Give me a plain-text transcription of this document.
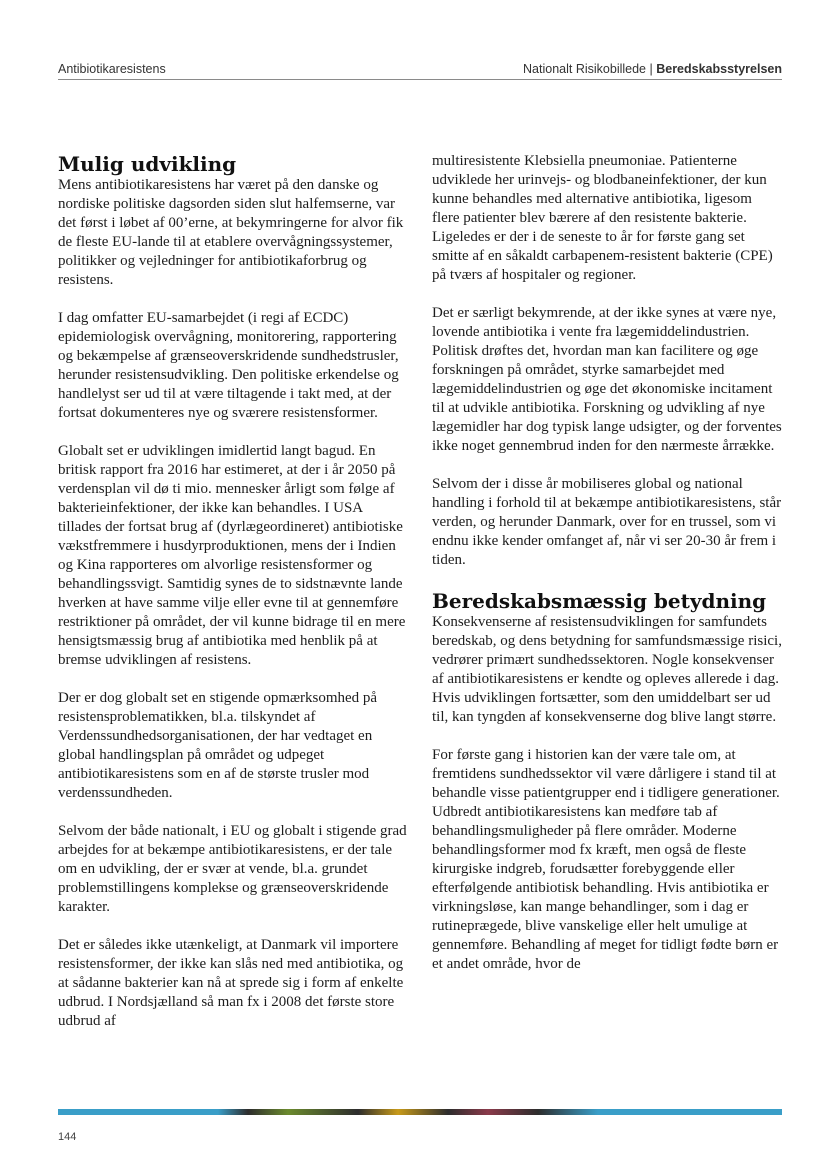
Antibiotikaresistens	Nationalt Risikobillede | Beredskabsstyrelsen
Mulig udvikling

Mens antibiotikaresistens har været på den danske og nordiske politiske dagsorden siden slut halfemserne, var det først i løbet af 00’erne, at bekymringerne for alvor fik de fleste EU-lande til at etablere overvågningssystemer, politikker og vejledninger for antibiotikaforbrug og resistens.

I dag omfatter EU-samarbejdet (i regi af ECDC) epidemiologisk overvågning, monitorering, rapportering og bekæmpelse af grænseoverskridende sundhedstrusler, herunder resistensudvikling. Den politiske erkendelse og handlelyst ser ud til at være tiltagende i takt med, at der fortsat dokumenteres nye og sværere resistensformer.

Globalt set er udviklingen imidlertid langt bagud. En britisk rapport fra 2016 har estimeret, at der i år 2050 på verdensplan vil dø ti mio. mennesker årligt som følge af bakterieinfektioner, der ikke kan behandles. I USA tillades der fortsat brug af (dyrlægeordineret) antibiotiske vækstfremmere i husdyrproduktionen, mens der i Indien og Kina rapporteres om alvorlige resistensformer og behandlingssvigt. Samtidig synes de to sidstnævnte lande hverken at have samme vilje eller evne til at gennemføre restriktioner på området, der vil kunne bidrage til en mere hensigtsmæssig brug af antibiotika med henblik på at bremse udviklingen af resistens.

Der er dog globalt set en stigende opmærksomhed på resistensproblematikken, bl.a. tilskyndet af Verdenssundhedsorganisationen, der har vedtaget en global handlingsplan på området og udpeget antibiotikaresistens som en af de største trusler mod verdenssundheden.

Selvom der både nationalt, i EU og globalt i stigende grad arbejdes for at bekæmpe antibiotikaresistens, er der tale om en udvikling, der er svær at vende, bl.a. grundet problemstillingens komplekse og grænseoverskridende karakter.

Det er således ikke utænkeligt, at Danmark vil importere resistensformer, der ikke kan slås ned med antibiotika, og at sådanne bakterier kan nå at sprede sig i form af enkelte udbrud. I Nordsjælland så man fx i 2008 det første store udbrud af

multiresistente Klebsiella pneumoniae. Patienterne udviklede her urinvejs- og blodbaneinfektioner, der kun kunne behandles med alternative antibiotika, ligesom flere patienter blev bærere af den resistente bakterie. Ligeledes er der i de seneste to år for første gang set smitte af en såkaldt carbapenem-resistent bakterie (CPE) på tværs af hospitaler og regioner.

Det er særligt bekymrende, at der ikke synes at være nye, lovende antibiotika i vente fra lægemiddelindustrien. Politisk drøftes det, hvordan man kan facilitere og øge forskningen på området, styrke samarbejdet med lægemiddelindustrien og øge det økonomiske incitament til at udvikle antibiotika. Forskning og udvikling af nye lægemidler har dog typisk lange udsigter, og der forventes ikke noget gennembrud inden for den nærmeste årrække.

Selvom der i disse år mobiliseres global og national handling i forhold til at bekæmpe antibiotikaresistens, står verden, og herunder Danmark, over for en trussel, som vi endnu ikke kender omfanget af, når vi ser 20-30 år frem i tiden.

Beredskabsmæssig betydning

Konsekvenserne af resistensudviklingen for samfundets beredskab, og dens betydning for samfundsmæssige risici, vedrører primært sundhedssektoren. Nogle konsekvenser af antibiotikaresistens er kendte og opleves allerede i dag. Hvis udviklingen fortsætter, som den umiddelbart ser ud til, kan tyngden af konsekvenserne dog blive langt større.

For første gang i historien kan der være tale om, at fremtidens sundhedssektor vil være dårligere i stand til at behandle visse patientgrupper end i tidligere generationer. Udbredt antibiotikaresistens kan medføre tab af behandlingsmuligheder på flere områder. Moderne behandlingsformer mod fx kræft, men også de fleste kirurgiske indgreb, forudsætter forebyggende eller efterfølgende antibiotisk behandling. Hvis antibiotika er virkningsløse, kan mange behandlinger, som i dag er rutineprægede, blive vanskelige eller helt umulige at gennemføre. Behandling af meget for tidligt fødte børn er et andet område, hvor de

144
